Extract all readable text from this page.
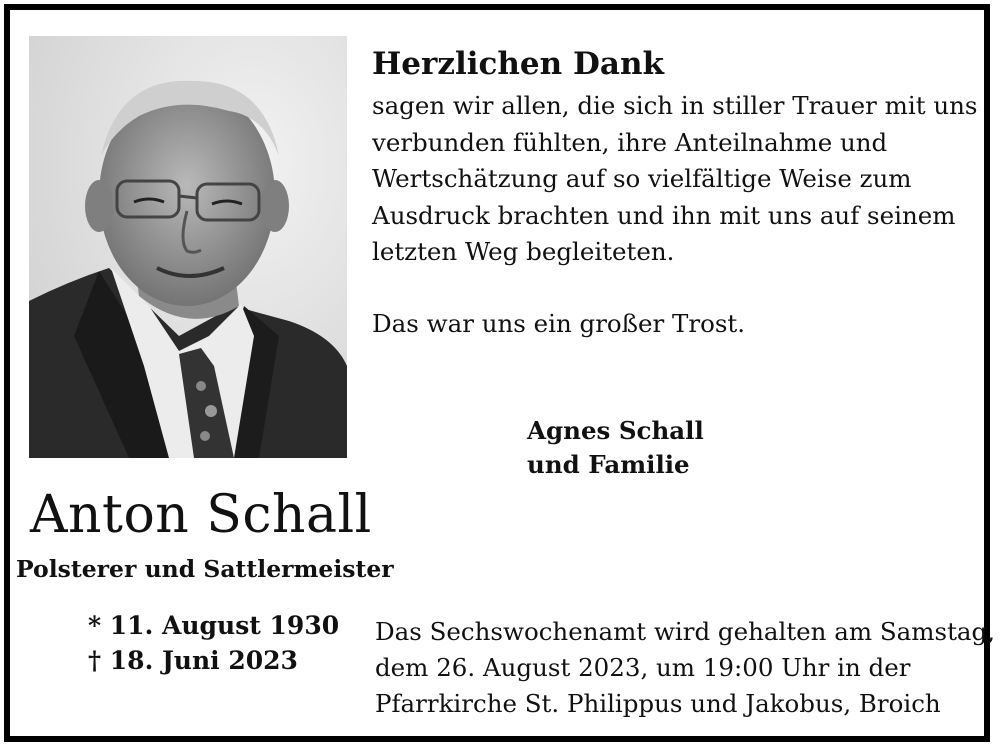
Herzlichen Dank
sagen wir allen, die sich in stiller Trauer mit uns
verbunden fühlten, ihre Anteilnahme und
Wertschätzung auf so vielfältige Weise zum
Ausdruck brachten und ihn mit uns auf seinem
letzten Weg begleiteten.
Das war uns ein großer Trost.
Agnes Schall
und Familie
Anton Schall
Polsterer und Sattlermeister
* 11. August 1930
† 18. Juni 2023
Das Sechswochenamt wird gehalten am Samstag,
dem 26. August 2023, um 19:00 Uhr in der
Pfarrkirche St. Philippus und Jakobus, Broich
